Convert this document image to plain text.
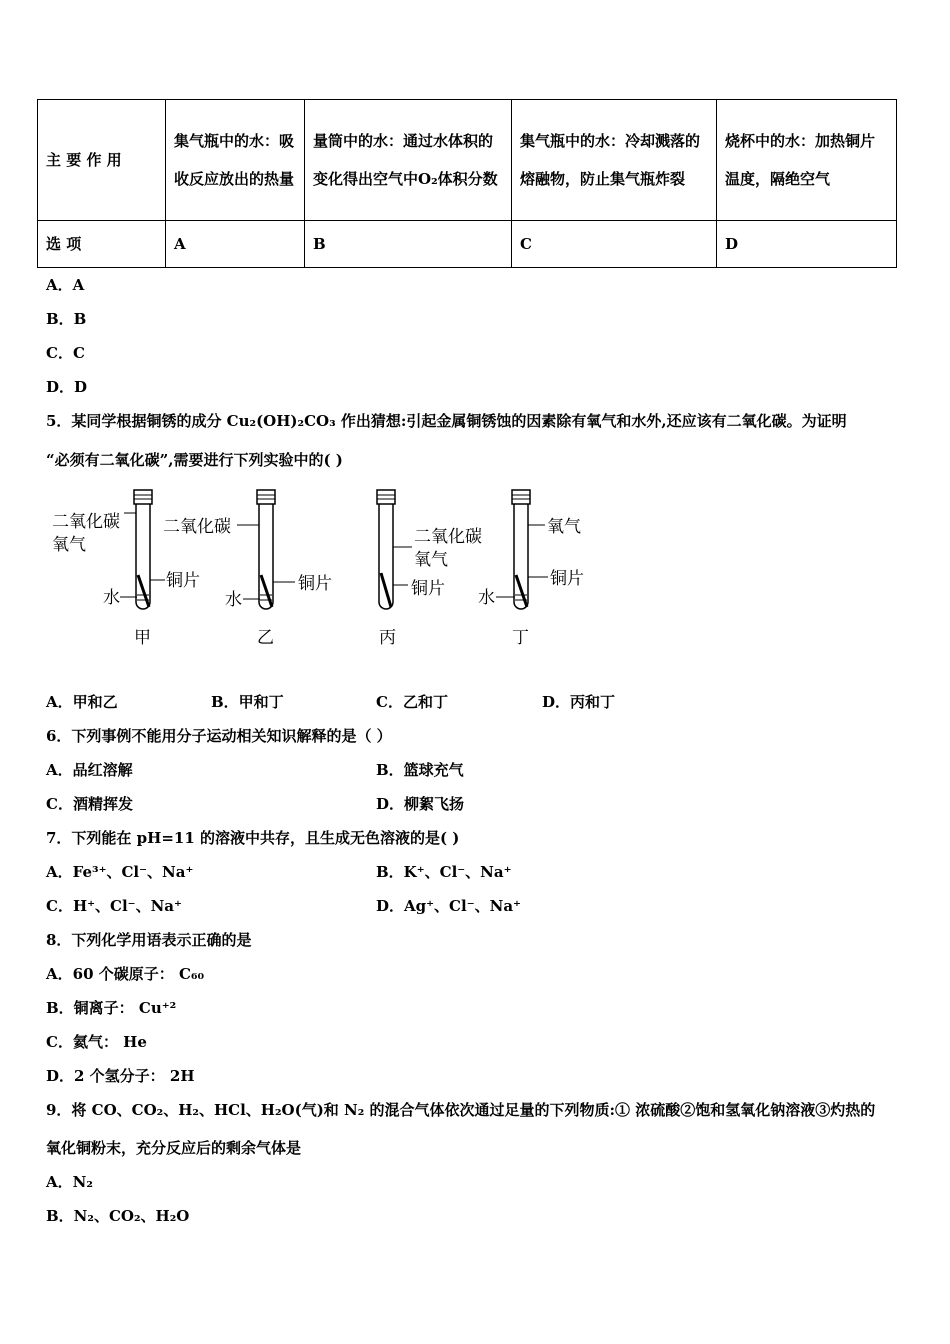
主 要 作 用	集气瓶中的水：吸收反应放出的热量	量筒中的水：通过水体积的变化得出空气中O₂体积分数	集气瓶中的水：冷却溅落的熔融物，防止集气瓶炸裂	烧杯中的水：加热铜片温度，隔绝空气
选 项	A	B	C	D
A．A
B．B
C．C
D．D
5．某同学根据铜锈的成分 Cu₂(OH)₂CO₃ 作出猜想:引起金属铜锈蚀的因素除有氧气和水外,还应该有二氧化碳。为证明
“必须有二氧化碳”,需要进行下列实验中的( )
二氧化碳
氧气
铜片
水
甲
二氧化碳
铜片
水
乙
二氧化碳
氧气
铜片
丙
氧气
铜片
水
丁
A．甲和乙	B．甲和丁	C．乙和丁	D．丙和丁
6．下列事例不能用分子运动相关知识解释的是（ ）
A．品红溶解	B．篮球充气
C．酒精挥发	D．柳絮飞扬
7．下列能在 pH=11 的溶液中共存，且生成无色溶液的是( )
A．Fe³⁺、Cl⁻、Na⁺	B．K⁺、Cl⁻、Na⁺
C．H⁺、Cl⁻、Na⁺	D．Ag⁺、Cl⁻、Na⁺
8．下列化学用语表示正确的是
A．60 个碳原子： C₆₀
B．铜离子： Cu⁺²
C．氦气： He
D．2 个氢分子： 2H
9．将 CO、CO₂、H₂、HCl、H₂O(气)和 N₂ 的混合气体依次通过足量的下列物质:① 浓硫酸②饱和氢氧化钠溶液③灼热的
氧化铜粉末，充分反应后的剩余气体是
A．N₂
B．N₂、CO₂、H₂O
